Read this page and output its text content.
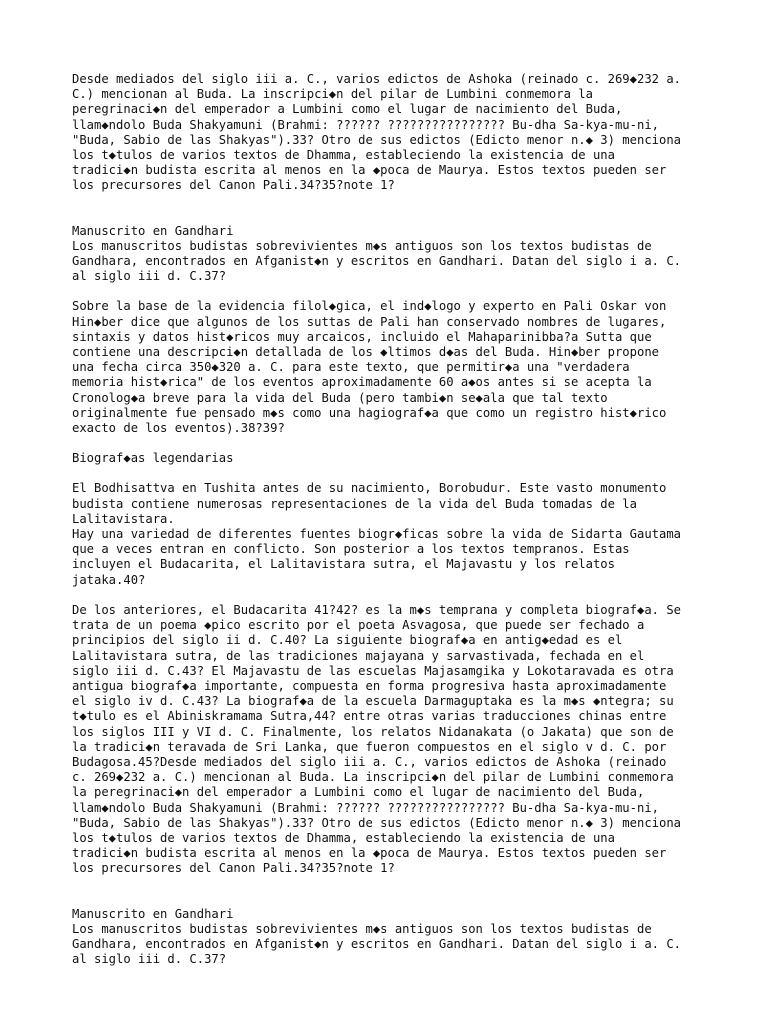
Desde mediados del siglo iii a. C., varios edictos de Ashoka (reinado c. 269◆232 a.
C.) mencionan al Buda. La inscripci◆n del pilar de Lumbini conmemora la
peregrinaci◆n del emperador a Lumbini como el lugar de nacimiento del Buda,
llam◆ndolo Buda Shakyamuni (Brahmi: ?????? ???????????????? Bu-dha Sa-kya-mu-ni,
"Buda, Sabio de las Shakyas").33? Otro de sus edictos (Edicto menor n.◆ 3) menciona
los t◆tulos de varios textos de Dhamma, estableciendo la existencia de una
tradici◆n budista escrita al menos en la ◆poca de Maurya. Estos textos pueden ser
los precursores del Canon Pali.34?35?note 1?

Manuscrito en Gandhari
Los manuscritos budistas sobrevivientes m◆s antiguos son los textos budistas de
Gandhara, encontrados en Afganist◆n y escritos en Gandhari. Datan del siglo i a. C.
al siglo iii d. C.37?

Sobre la base de la evidencia filol◆gica, el ind◆logo y experto en Pali Oskar von
Hin◆ber dice que algunos de los suttas de Pali han conservado nombres de lugares,
sintaxis y datos hist◆ricos muy arcaicos, incluido el Mahaparinibba?a Sutta que
contiene una descripci◆n detallada de los ◆ltimos d◆as del Buda. Hin◆ber propone
una fecha circa 350◆320 a. C. para este texto, que permitir◆a una "verdadera
memoria hist◆rica" de los eventos aproximadamente 60 a◆os antes si se acepta la
Cronolog◆a breve para la vida del Buda (pero tambi◆n se◆ala que tal texto
originalmente fue pensado m◆s como una hagiograf◆a que como un registro hist◆rico
exacto de los eventos).38?39?

Biograf◆as legendarias

El Bodhisattva en Tushita antes de su nacimiento, Borobudur. Este vasto monumento
budista contiene numerosas representaciones de la vida del Buda tomadas de la
Lalitavistara.
Hay una variedad de diferentes fuentes biogr◆ficas sobre la vida de Sidarta Gautama
que a veces entran en conflicto. Son posterior a los textos tempranos. Estas
incluyen el Budacarita, el Lalitavistara sutra, el Majavastu y los relatos
jataka.40?

De los anteriores, el Budacarita 41?42? es la m◆s temprana y completa biograf◆a. Se
trata de un poema ◆pico escrito por el poeta Asvagosa, que puede ser fechado a
principios del siglo ii d. C.40? La siguiente biograf◆a en antig◆edad es el
Lalitavistara sutra, de las tradiciones majayana y sarvastivada, fechada en el
siglo iii d. C.43? El Majavastu de las escuelas Majasamgika y Lokotaravada es otra
antigua biograf◆a importante, compuesta en forma progresiva hasta aproximadamente
el siglo iv d. C.43? La biograf◆a de la escuela Darmaguptaka es la m◆s ◆ntegra; su
t◆tulo es el Abiniskramama Sutra,44? entre otras varias traducciones chinas entre
los siglos III y VI d. C. Finalmente, los relatos Nidanakata (o Jakata) que son de
la tradici◆n teravada de Sri Lanka, que fueron compuestos en el siglo v d. C. por
Budagosa.45?Desde mediados del siglo iii a. C., varios edictos de Ashoka (reinado
c. 269◆232 a. C.) mencionan al Buda. La inscripci◆n del pilar de Lumbini conmemora
la peregrinaci◆n del emperador a Lumbini como el lugar de nacimiento del Buda,
llam◆ndolo Buda Shakyamuni (Brahmi: ?????? ???????????????? Bu-dha Sa-kya-mu-ni,
"Buda, Sabio de las Shakyas").33? Otro de sus edictos (Edicto menor n.◆ 3) menciona
los t◆tulos de varios textos de Dhamma, estableciendo la existencia de una
tradici◆n budista escrita al menos en la ◆poca de Maurya. Estos textos pueden ser
los precursores del Canon Pali.34?35?note 1?

Manuscrito en Gandhari
Los manuscritos budistas sobrevivientes m◆s antiguos son los textos budistas de
Gandhara, encontrados en Afganist◆n y escritos en Gandhari. Datan del siglo i a. C.
al siglo iii d. C.37?
